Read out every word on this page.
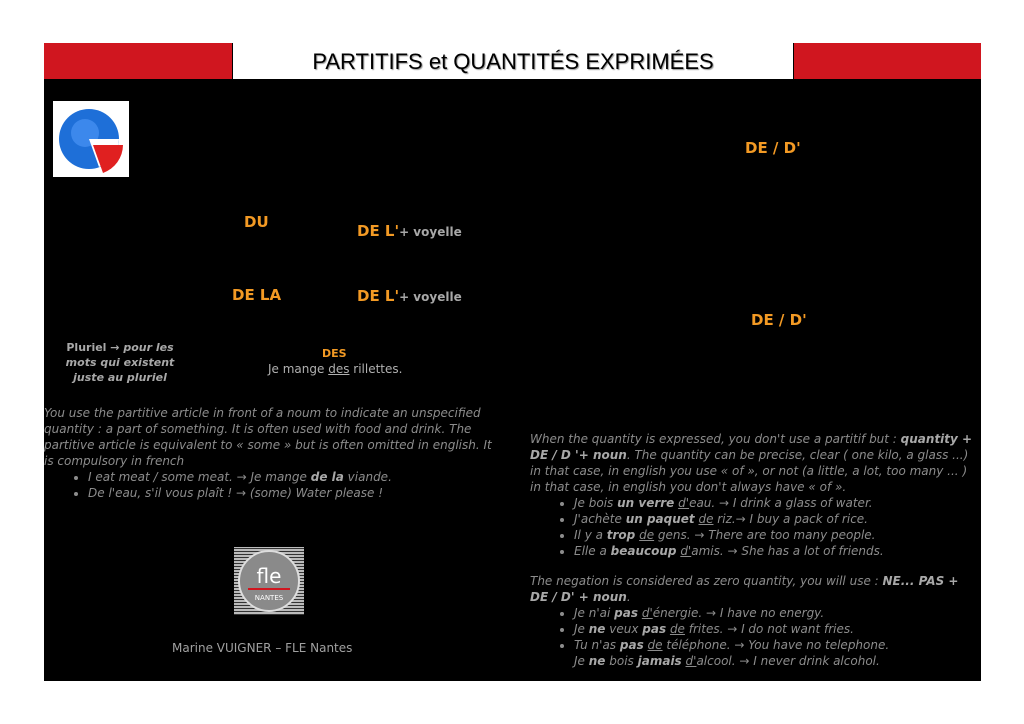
PARTITIFS et QUANTITÉS EXPRIMÉES
DU	DE L'+ voyelle
DE LA	DE L'+ voyelle
Pluriel → pour les mots qui existent juste au pluriel
DES
Je mange des rillettes.
You use the partitive article in front of a noum to indicate an unspecified quantity : a part of something. It is often used with food and drink. The partitive article is equivalent to « some » but is often omitted in english. It is compulsory in french
• I eat meat / some meat. → Je mange de la viande.
• De l'eau, s'il vous plaît ! → (some) Water please !
fle
NANTES
Marine VUIGNER – FLE Nantes
DE / D'
DE / D'
When the quantity is expressed, you don't use a partitif but : quantity + DE / D '+ noun. The quantity can be precise, clear ( one kilo, a glass ...) in that case, in english you use « of », or not (a little, a lot, too many ... ) in that case, in english you don't always have « of ».
• Je bois un verre d'eau. → I drink a glass of water.
• J'achète un paquet de riz.→ I buy a pack of rice.
• Il y a trop de gens. → There are too many people.
• Elle a beaucoup d'amis. → She has a lot of friends.
The negation is considered as zero quantity, you will use : NE... PAS + DE / D' + noun.
• Je n'ai pas d'énergie. → I have no energy.
• Je ne veux pas de frites. → I do not want fries.
• Tu n'as pas de téléphone. → You have no telephone.
Je ne bois jamais d'alcool. → I never drink alcohol.
